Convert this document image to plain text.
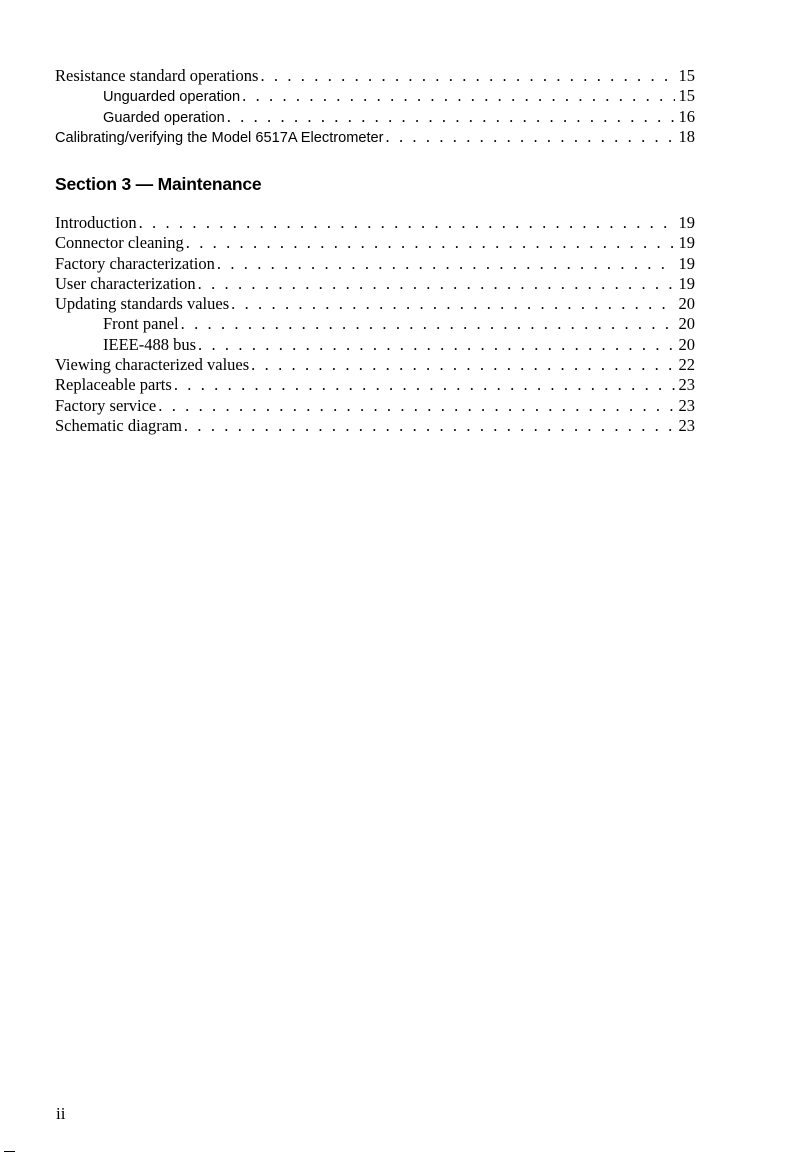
Resistance standard operations . . .	15
Unguarded operation . . .	15
Guarded operation . . .	16
Calibrating/verifying the Model 6517A Electrometer . . .	18
Section 3 — Maintenance
Introduction . . .	19
Connector cleaning . . .	19
Factory characterization . . .	19
User characterization . . .	19
Updating standards values . . .	20
Front panel . . .	20
IEEE-488 bus . . .	20
Viewing characterized values . . .	22
Replaceable parts . . .	23
Factory service . . .	23
Schematic diagram . . .	23
ii
